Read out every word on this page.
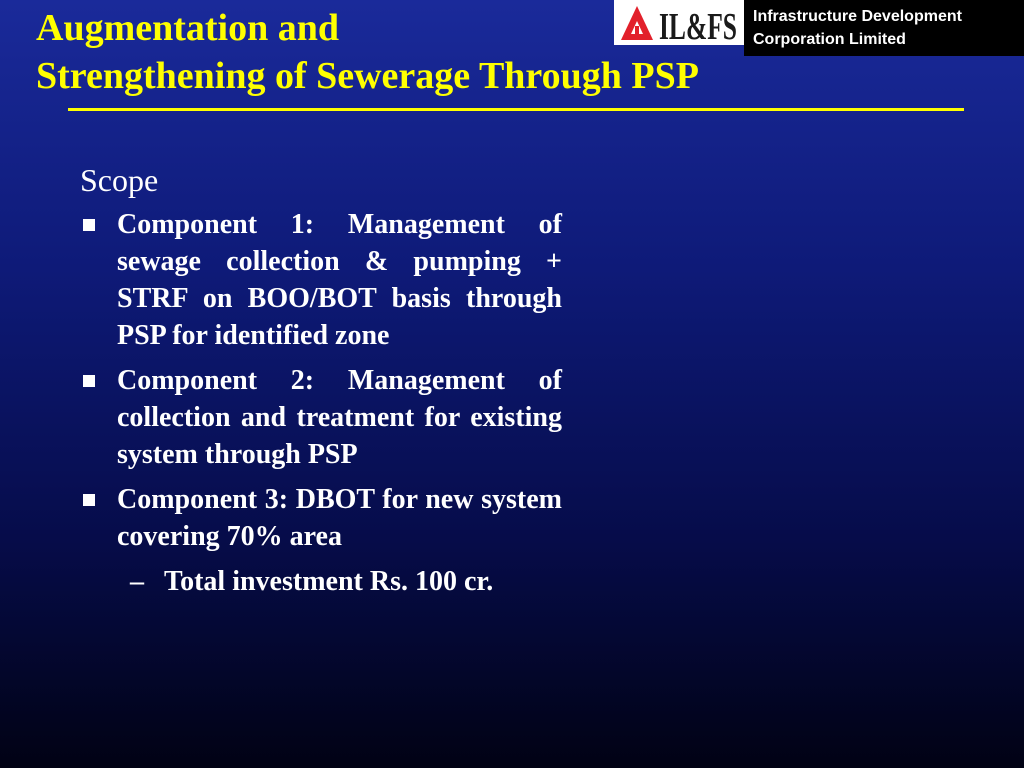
Augmentation and
Strengthening of Sewerage Through PSP
IL&FS Infrastructure Development
Corporation Limited
Scope
Component 1: Management of sewage collection & pumping + STRF on BOO/BOT basis through PSP for identified zone
Component 2: Management of collection and treatment for existing system through PSP
Component 3: DBOT for new system covering 70% area
– Total investment Rs. 100 cr.
